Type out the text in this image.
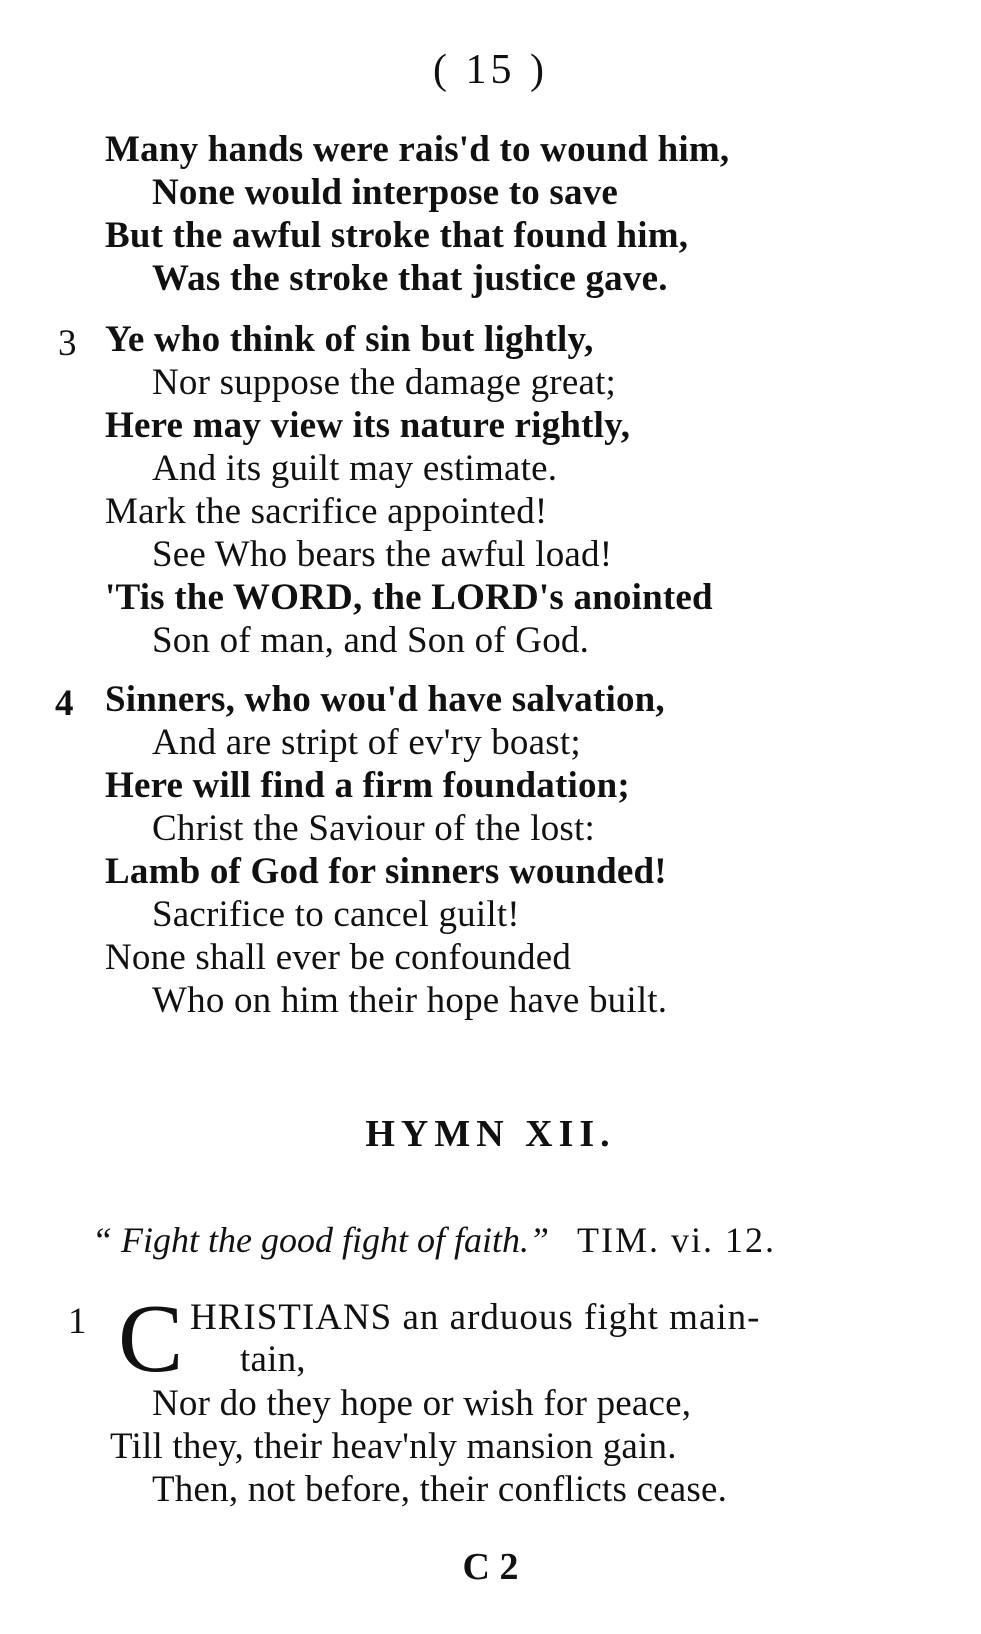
( 15 )
Many hands were rais'd to wound him,
None would interpose to save
But the awful stroke that found him,
Was the stroke that justice gave.
3 Ye who think of sin but lightly,
Nor suppose the damage great;
Here may view its nature rightly,
And its guilt may estimate.
Mark the sacrifice appointed!
See Who bears the awful load!
'Tis the WORD, the LORD's anointed
Son of man, and Son of God.
4 Sinners, who wou'd have salvation,
And are stript of ev'ry boast;
Here will find a firm foundation;
Christ the Saviour of the lost:
Lamb of God for sinners wounded!
Sacrifice to cancel guilt!
None shall ever be confounded
Who on him their hope have built.
HYMN XII.
“ Fight the good fight of faith.” TIM. vi. 12.
1 C HRISTIANS an arduous fight main-
tain,
Nor do they hope or wish for peace,
Till they, their heav'nly mansion gain.
Then, not before, their conflicts cease.
C 2
